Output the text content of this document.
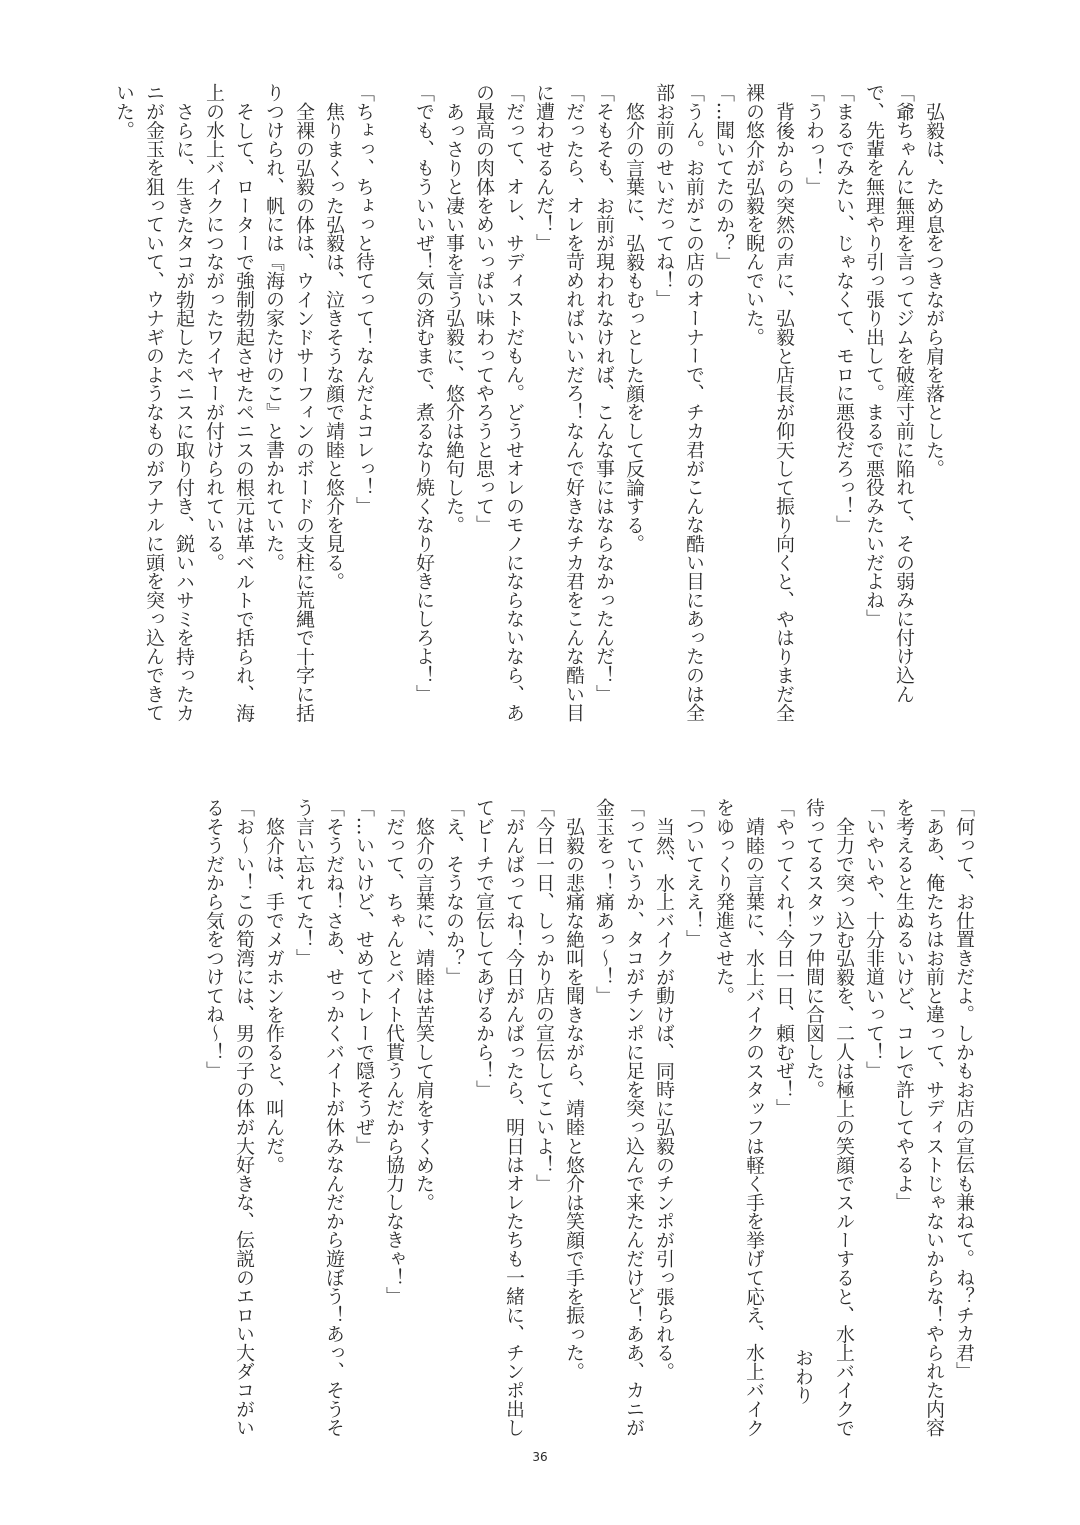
弘毅は、ため息をつきながら肩を落とした。
「爺ちゃんに無理を言ってジムを破産寸前に陥れて、その弱みに付け込ん
で、先輩を無理やり引っ張り出して。まるで悪役みたいだよね」
「まるでみたい、じゃなくて、モロに悪役だろっ！」
「うわっ！」
背後からの突然の声に、弘毅と店長が仰天して振り向くと、やはりまだ全
裸の悠介が弘毅を睨んでいた。
「…聞いてたのか？」
「うん。お前がこの店のオーナーで、チカ君がこんな酷い目にあったのは全
部お前のせいだってね！」
悠介の言葉に、弘毅もむっとした顔をして反論する。
「そもそも、お前が現われなければ、こんな事にはならなかったんだ！」
「だったら、オレを苛めればいいだろ！なんで好きなチカ君をこんな酷い目
に遭わせるんだ！」
「だって、オレ、サディストだもん。どうせオレのモノにならないなら、あ
の最高の肉体をめいっぱい味わってやろうと思って」
あっさりと凄い事を言う弘毅に、悠介は絶句した。
「でも、もういいぜ！気の済むまで、煮るなり焼くなり好きにしろよ！」
「ちょっ、ちょっと待てって！なんだよコレっ！」
焦りまくった弘毅は、泣きそうな顔で靖睦と悠介を見る。
全裸の弘毅の体は、ウインドサーフィンのボードの支柱に荒縄で十字に括
りつけられ、帆には『海の家たけのこ』と書かれていた。
そして、ローターで強制勃起させたペニスの根元は革ベルトで括られ、海
上の水上バイクにつながったワイヤーが付けられている。
さらに、生きたタコが勃起したペニスに取り付き、鋭いハサミを持ったカ
ニが金玉を狙っていて、ウナギのようなものがアナルに頭を突っ込んできて
いた。
「何って、お仕置きだよ。しかもお店の宣伝も兼ねて。ね？チカ君」
「ああ、俺たちはお前と違って、サディストじゃないからな！やられた内容
を考えると生ぬるいけど、コレで許してやるよ」
「いやいや、十分非道いって！」
全力で突っ込む弘毅を、二人は極上の笑顔でスルーすると、水上バイクで
待ってるスタッフ仲間に合図した。
「やってくれ！今日一日、頼むぜ！」
靖睦の言葉に、水上バイクのスタッフは軽く手を挙げて応え、水上バイク
をゆっくり発進させた。
「ついてええ！」
当然、水上バイクが動けば、同時に弘毅のチンポが引っ張られる。
「っていうか、タコがチンポに足を突っ込んで来たんだけど！ああ、カニが
金玉をっ！痛あっ〜！」
弘毅の悲痛な絶叫を聞きながら、靖睦と悠介は笑顔で手を振った。
「今日一日、しっかり店の宣伝してこいよ！」
「がんばってね！今日がんばったら、明日はオレたちも一緒に、チンポ出し
てビーチで宣伝してあげるから！」
「え、そうなのか？」
悠介の言葉に、靖睦は苦笑して肩をすくめた。
「だって、ちゃんとバイト代貰うんだから協力しなきゃ！」
「…いいけど、せめてトレーで隠そうぜ」
「そうだね！さあ、せっかくバイトが休みなんだから遊ぼう！あっ、そうそ
う言い忘れてた！」
悠介は、手でメガホンを作ると、叫んだ。
「お〜い！この筍湾には、男の子の体が大好きな、伝説のエロい大ダコがい
るそうだから気をつけてね〜！」
おわり
36
